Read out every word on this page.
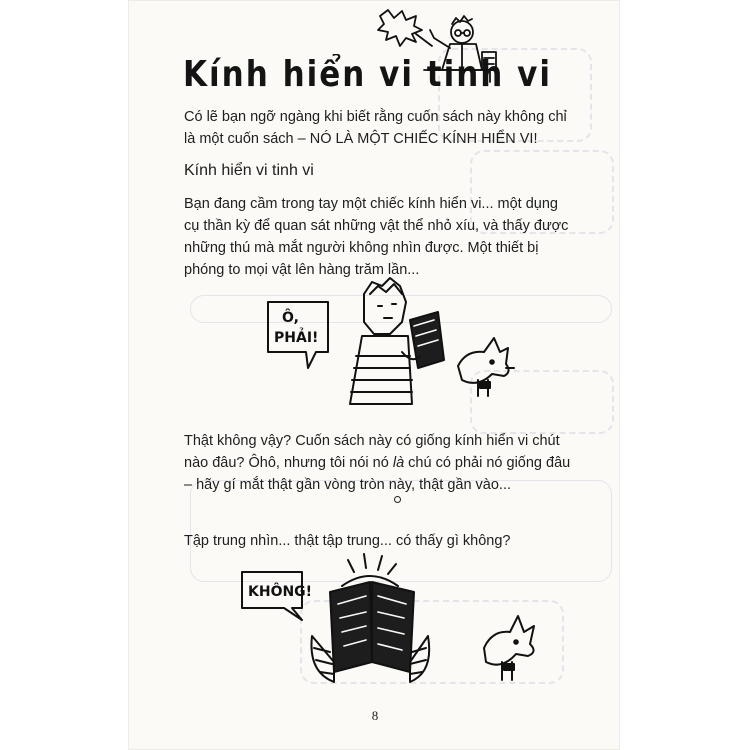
Kính hiển vi tinh vi
Có lẽ bạn ngỡ ngàng khi biết rằng cuốn sách này không chỉ là một cuốn sách – NÓ LÀ MỘT CHIẾC KÍNH HIỂN VI!
Kính hiển vi tinh vi
Bạn đang cầm trong tay một chiếc kính hiển vi... một dụng cụ thần kỳ để quan sát những vật thể nhỏ xíu, và thấy được những thú mà mắt người không nhìn được. Một thiết bị phóng to mọi vật lên hàng trăm lần...
Ô,
PHẢI!
Thật không vậy? Cuốn sách này có giống kính hiển vi chút nào đâu? Ôhô, nhưng tôi nói nó là chú có phải nó giống đâu – hãy gí mắt thật gần vòng tròn này, thật gần vào...
Tập trung nhìn... thật tập trung... có thấy gì không?
KHÔNG!
8
